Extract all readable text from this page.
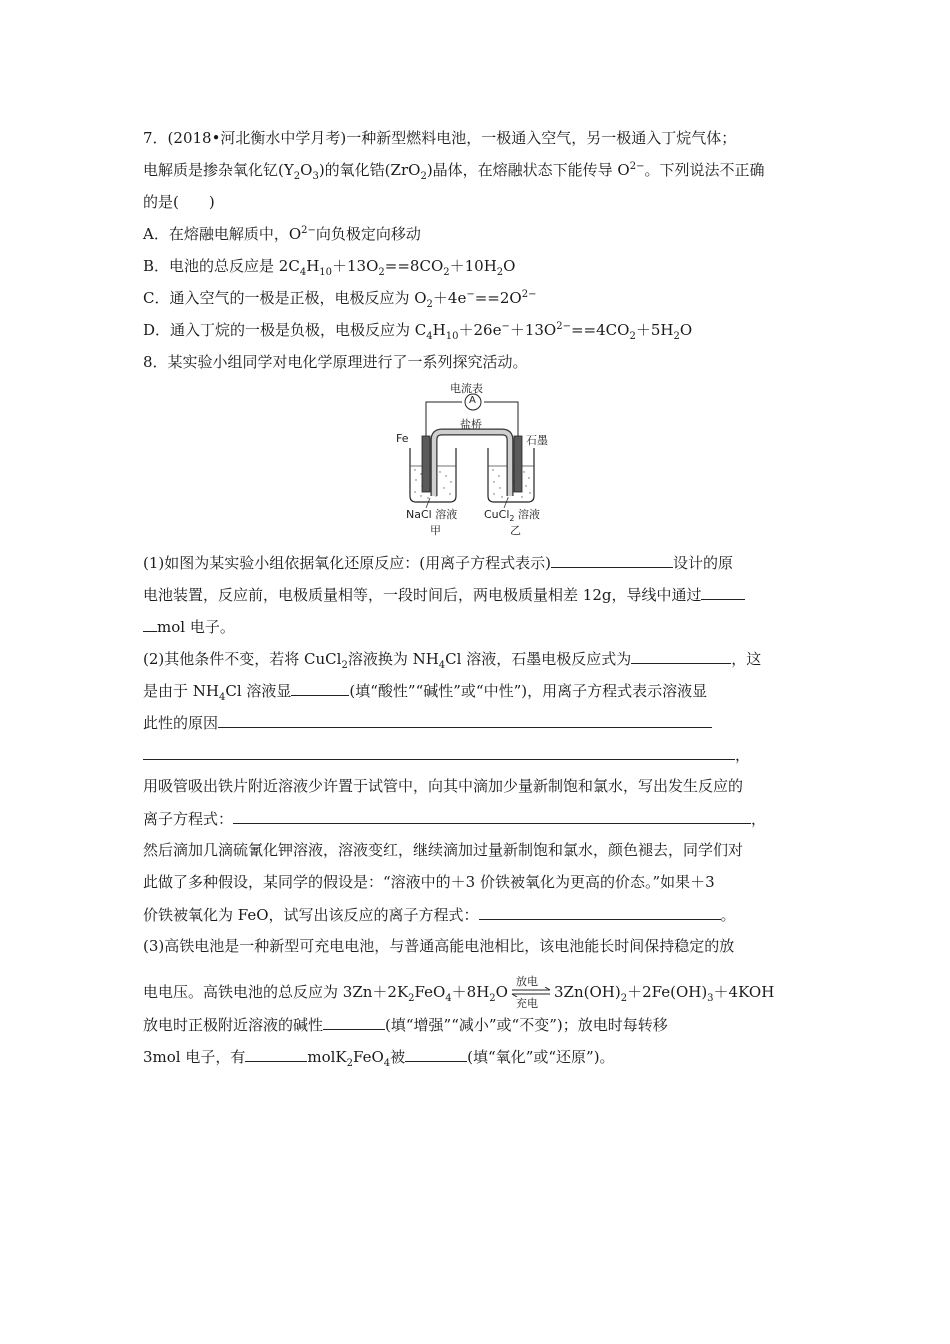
7．(2018•河北衡水中学月考)一种新型燃料电池，一极通入空气，另一极通入丁烷气体；

电解质是掺杂氧化钇$(Y_2O_3)$的氧化锆(ZrO$_2$)晶体，在熔融状态下能传导 $O^{2-}$。下列说法不正确

的是(　　)

A．在熔融电解质中，$O^{2-}$向负极定向移动

B．电池的总反应是 $2C_4H_{10}+13O_2==8CO_2+10H_2O$

C．通入空气的一极是正极，电极反应为 $O_2+4e^-==2O^{2-}$

D．通入丁烷的一极是负极，电极反应为 $C_4H_{10}+26e^-+13O^{2-}==4CO_2+5H_2O$

8．某实验小组同学对电化学原理进行了一系列探究活动。

电流表
A
盐桥
Fe	石墨
NaCl 溶液
甲
CuCl$_2$ 溶液
乙

(1)如图为某实验小组依据氧化还原反应：(用离子方程式表示)	设计的原

电池装置，反应前，电极质量相等，一段时间后，两电极质量相差 12g，导线中通过

mol 电子。

(2)其他条件不变，若将 CuCl$_2$溶液换为 $NH_4Cl$ 溶液，石墨电极反应式为	，这

是由于 $NH_4Cl$ 溶液显	(填“酸性”“碱性”或“中性”)，用离子方程式表示溶液显

此性的原因

，

用吸管吸出铁片附近溶液少许置于试管中，向其中滴加少量新制饱和氯水，写出发生反应的

离子方程式：	，

然后滴加几滴硫氰化钾溶液，溶液变红，继续滴加过量新制饱和氯水，颜色褪去，同学们对

此做了多种假设，某同学的假设是：“溶液中的＋3 价铁被氧化为更高的价态。”如果＋3

价铁被氧化为 FeO，试写出该反应的离子方程式：	。

(3)高铁电池是一种新型可充电电池，与普通高能电池相比，该电池能长时间保持稳定的放

电电压。高铁电池的总反应为 $3Zn+2K_2FeO_4+8H_2O$
放电
充电
$3Zn(OH)_2+2Fe(OH)_3+4KOH$

放电时正极附近溶液的碱性	(填“增强”“减小”或“不变”)；放电时每转移

3mol 电子，有	molK$_2$FeO$_4$被	(填“氧化”或“还原”)。
